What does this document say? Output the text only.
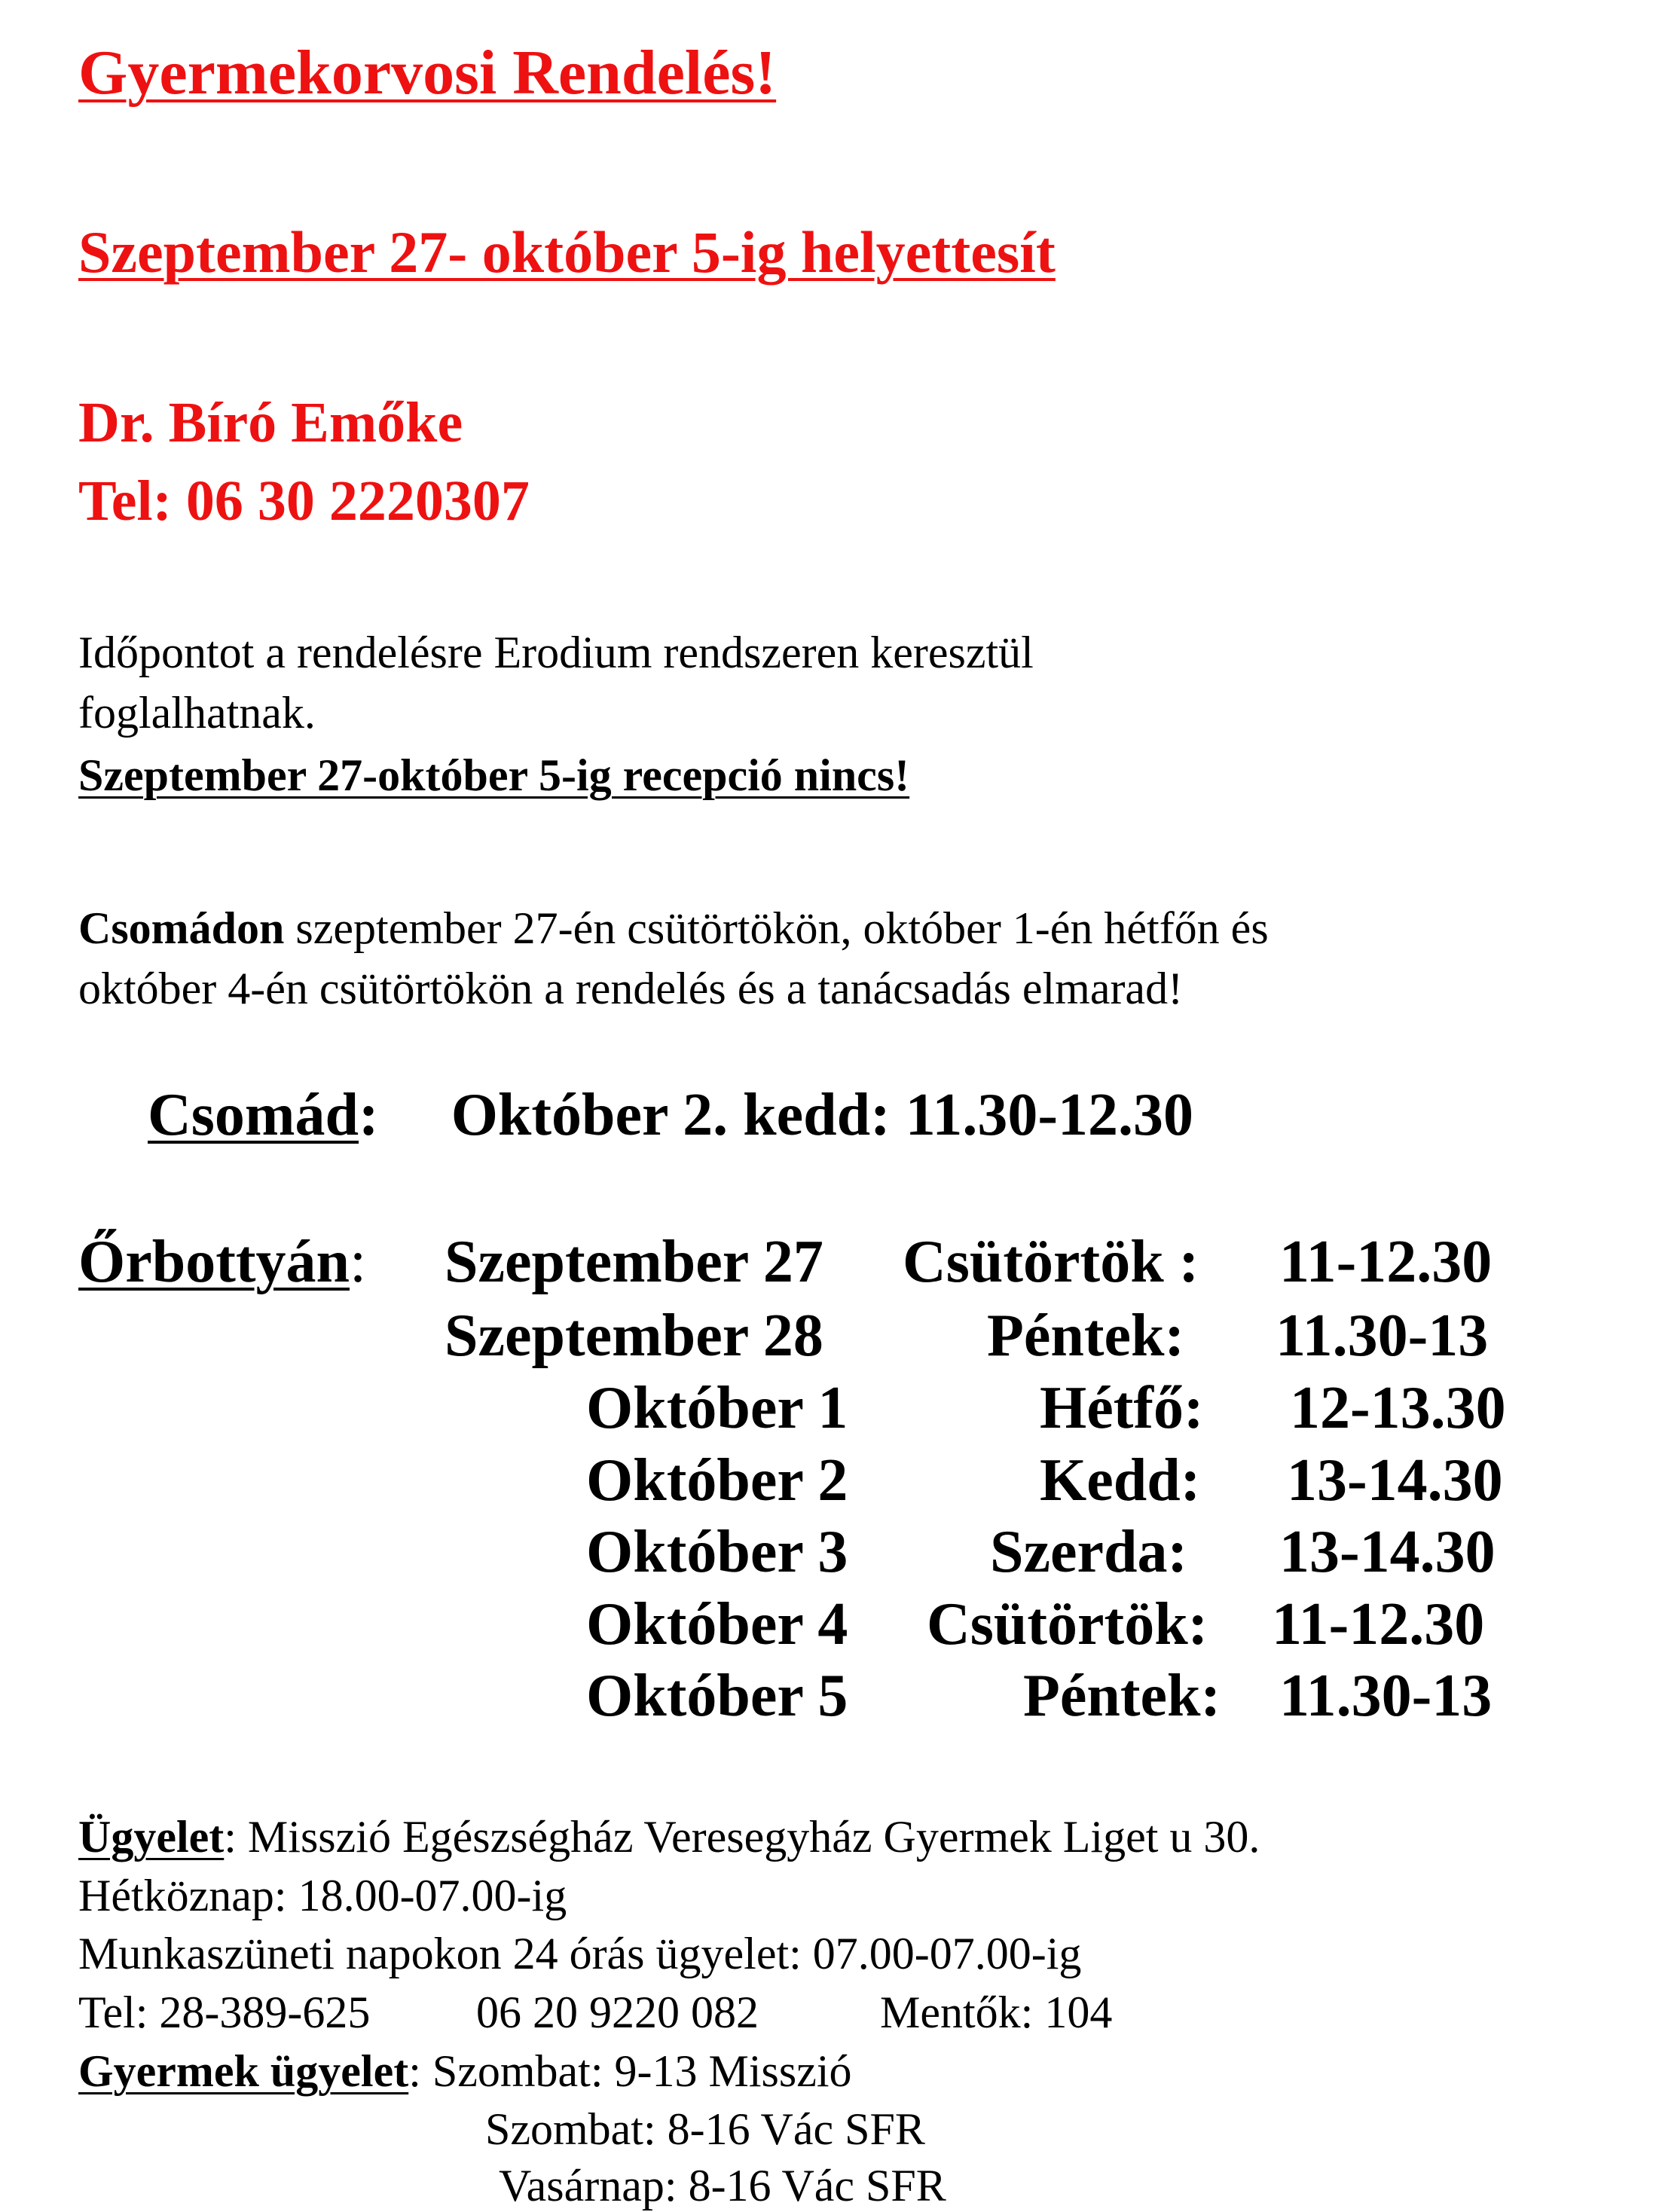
Gyermekorvosi Rendelés!
Szeptember 27- október 5-ig helyettesít
Dr. Bíró Emőke
Tel: 06 30 2220307
Időpontot a rendelésre Erodium rendszeren keresztül
foglalhatnak.
Szeptember 27-október 5-ig recepció nincs!
Csomádon szeptember 27-én csütörtökön, október 1-én hétfőn és
október 4-én csütörtökön a rendelés és a tanácsadás elmarad!
Csomád: Október 2. kedd: 11.30-12.30
Őrbottyán: Szeptember 27 Csütörtök : 11-12.30
Szeptember 28	Péntek: 11.30-13
Október 1	Hétfő: 12-13.30
Október 2	Kedd: 13-14.30
Október 3 Szerda: 13-14.30
Október 4 Csütörtök: 11-12.30
Október 5	Péntek: 11.30-13
Ügyelet: Misszió Egészségház Veresegyház Gyermek Liget u 30.
Hétköznap: 18.00-07.00-ig
Munkaszüneti napokon 24 órás ügyelet: 07.00-07.00-ig
Tel: 28-389-625 06 20 9220 082	Mentők: 104
Gyermek ügyelet: Szombat: 9-13 Misszió
Szombat: 8-16 Vác SFR
Vasárnap: 8-16 Vác SFR
